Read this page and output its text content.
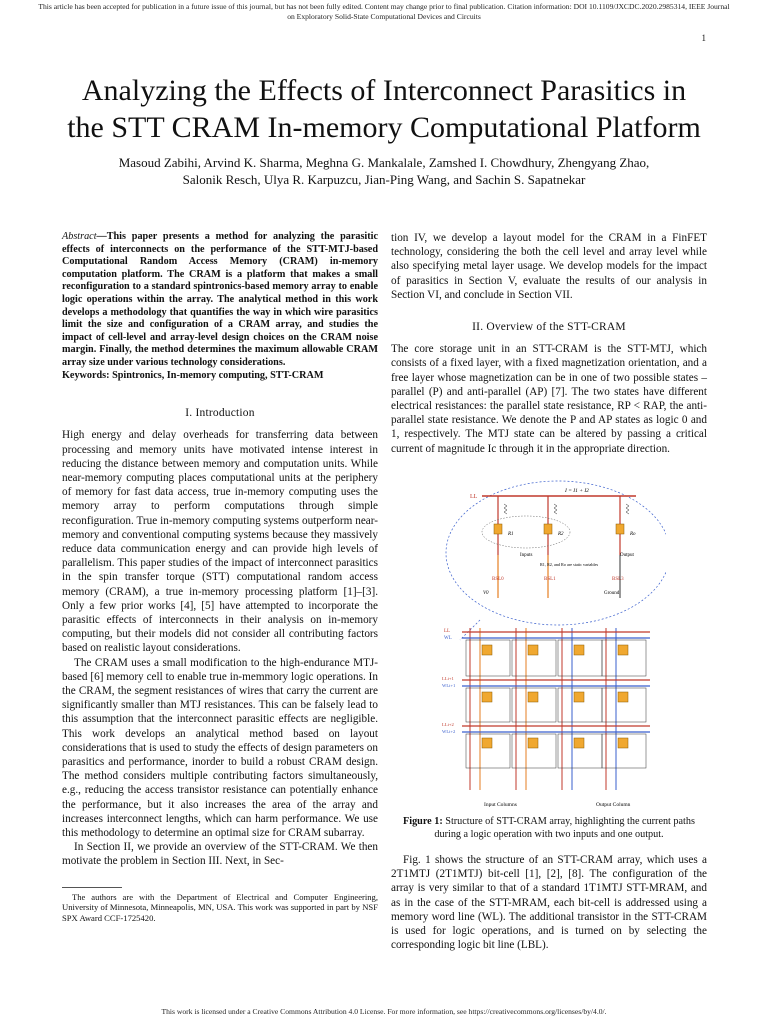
This article has been accepted for publication in a future issue of this journal, but has not been fully edited. Content may change prior to final publication. Citation information: DOI 10.1109/JXCDC.2020.2985314, IEEE Journal
on Exploratory Solid-State Computational Devices and Circuits
1
Analyzing the Effects of Interconnect Parasitics in
the STT CRAM In-memory Computational Platform
Masoud Zabihi, Arvind K. Sharma, Meghna G. Mankalale, Zamshed I. Chowdhury, Zhengyang Zhao,
Salonik Resch, Ulya R. Karpuzcu, Jian-Ping Wang, and Sachin S. Sapatnekar

Abstract—This paper presents a method for analyzing the parasitic effects of interconnects on the performance of the STT-MTJ-based Computational Random Access Memory (CRAM) in-memory computation platform. The CRAM is a platform that makes a small reconfiguration to a standard spintronics-based memory array to enable logic operations within the array. The analytical method in this work develops a methodology that quantifies the way in which wire parasitics limit the size and configuration of a CRAM array, and studies the impact of cell-level and array-level design choices on the CRAM noise margin. Finally, the method determines the maximum allowable CRAM array size under various technology considerations.

Keywords: Spintronics, In-memory computing, STT-CRAM

I. Introduction

High energy and delay overheads for transferring data between processing and memory units have motivated intense interest in reducing the distance between memory and computation units. While near-memory computing places computational units at the periphery of memory for fast data access, true in-memory computing uses the memory array to perform computations through simple reconfiguration. True in-memory computing systems outperform near-memory and conventional computing systems because they massively reduce data communication energy and can provide high levels of parallelism. This paper studies of the impact of interconnect parasitics in the spin transfer torque (STT) computational random access memory (CRAM), a true in-memory processing platform [1]–[3]. Only a few prior works [4], [5] have attempted to incorporate the parasitic effects of interconnects in their analysis on in-memory computing, but their models did not consider all contributing factors based on realistic layout considerations.

The CRAM uses a small modification to the high-endurance MTJ-based [6] memory cell to enable true in-memmory logic operations. In the CRAM, the segment resistances of wires that carry the current are significantly smaller than MTJ resistances. This can be falsely lead to this assumption that the interconnect parasitic effects are negligible. This work develops an analytical method based on layout considerations that is used to study the effects of design parameters on parasitics and performance, inorder to build a robust CRAM design. The method considers multiple contributing factors simultaneously, e.g., reducing the access transistor resistance can potentially enhance the performance, but it also increases the area of the array and increases interconnect lengths, which can harm performance. We use this methodology to determine an optimal size for CRAM subarray.

In Section II, we provide an overview of the STT-CRAM. We then motivate the problem in Section III. Next, in Sec-

The authors are with the Department of Electrical and Computer Engineering, University of Minnesota, Minneapolis, MN, USA. This work was supported in part by NSF SPX Award CCF-1725420.

tion IV, we develop a layout model for the CRAM in a FinFET technology, considering the both the cell level and array level while also specifying metal layer usage. We develop models for the impact of parasitics in Section V, evaluate the results of our analysis in Section VI, and conclude in Section VII.

II. Overview of the STT-CRAM

The core storage unit in an STT-CRAM is the STT-MTJ, which consists of a fixed layer, with a fixed magnetization orientation, and a free layer whose magnetization can be in one of two possible states – parallel (P) and anti-parallel (AP) [7]. The two states have different electrical resistances: the parallel state resistance, RP < RAP, the anti-parallel state resistance. We denote the P and AP states as logic 0 and 1, respectively. The MTJ state can be altered by passing a critical current of magnitude Ic through it in the appropriate direction.

LL
I = I1 + I2
R1	R2	Ro
Inputs	Output
R1, R2, and Ro are static variables
BSL0	BSL1	BSL3
Ground
V0
LL
WL
LLi+1
WLi+1
LLi+2
WLi+2
Input Columns	Output Column
Figure 1: Structure of STT-CRAM array, highlighting the current paths during a logic operation with two inputs and one output.

Fig. 1 shows the structure of an STT-CRAM array, which uses a 2T1MTJ (2T1MTJ) bit-cell [1], [2], [8]. The configuration of the array is very similar to that of a standard 1T1MTJ STT-MRAM, and as in the case of the STT-MRAM, each bit-cell is addressed using a memory word line (WL). The additional transistor in the STT-CRAM is used for logic operations, and is turned on by selecting the corresponding logic bit line (LBL).

This work is licensed under a Creative Commons Attribution 4.0 License. For more information, see https://creativecommons.org/licenses/by/4.0/.
